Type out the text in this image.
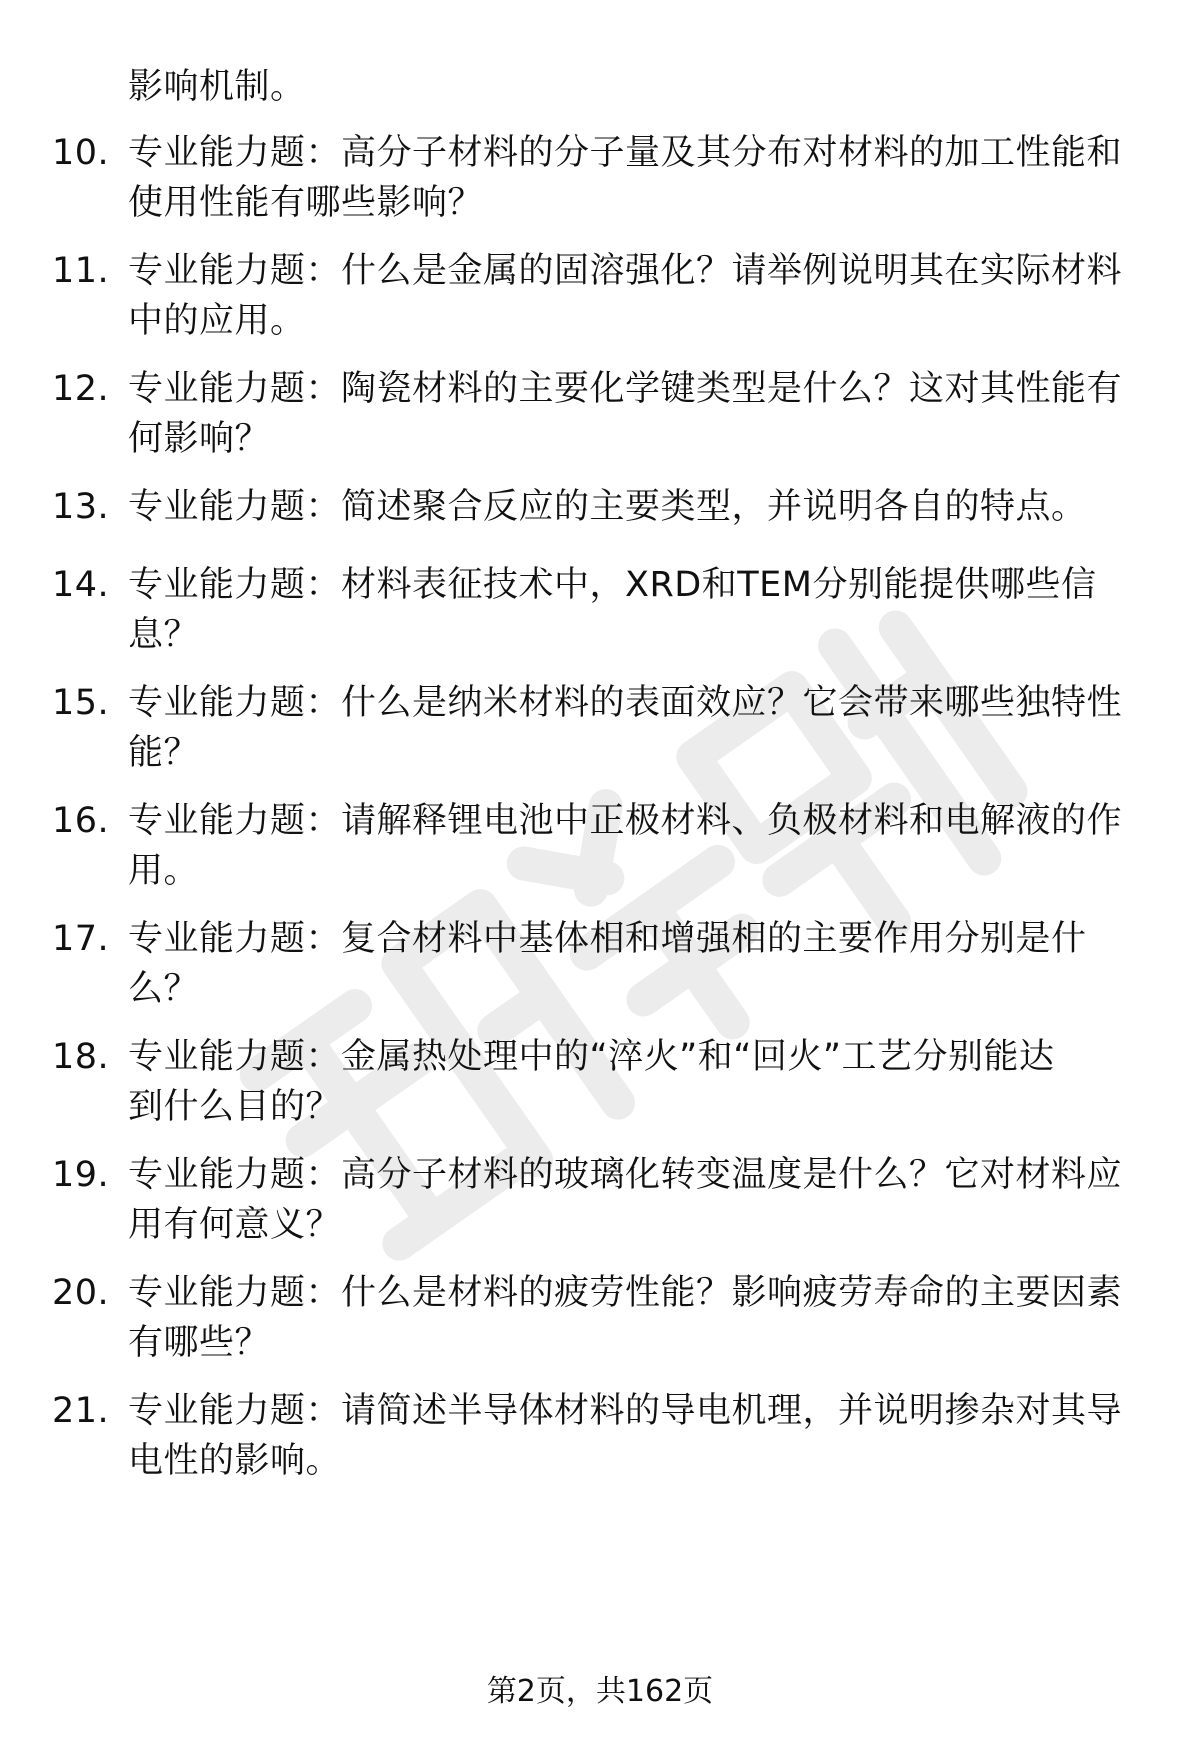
影响机制。
10. 专业能力题：高分子材料的分子量及其分布对材料的加工性能和
使用性能有哪些影响？
11. 专业能力题：什么是金属的固溶强化？请举例说明其在实际材料
中的应用。
12. 专业能力题：陶瓷材料的主要化学键类型是什么？这对其性能有
何影响？
13. 专业能力题：简述聚合反应的主要类型，并说明各自的特点。
14. 专业能力题：材料表征技术中，XRD和TEM分别能提供哪些信
息？
15. 专业能力题：什么是纳米材料的表面效应？它会带来哪些独特性
能？
16. 专业能力题：请解释锂电池中正极材料、负极材料和电解液的作
用。
17. 专业能力题：复合材料中基体相和增强相的主要作用分别是什
么？
18. 专业能力题：金属热处理中的“淬火”和“回火”工艺分别能达
到什么目的？
19. 专业能力题：高分子材料的玻璃化转变温度是什么？它对材料应
用有何意义？
20. 专业能力题：什么是材料的疲劳性能？影响疲劳寿命的主要因素
有哪些？
21. 专业能力题：请简述半导体材料的导电机理，并说明掺杂对其导
电性的影响。
第2页，共162页
